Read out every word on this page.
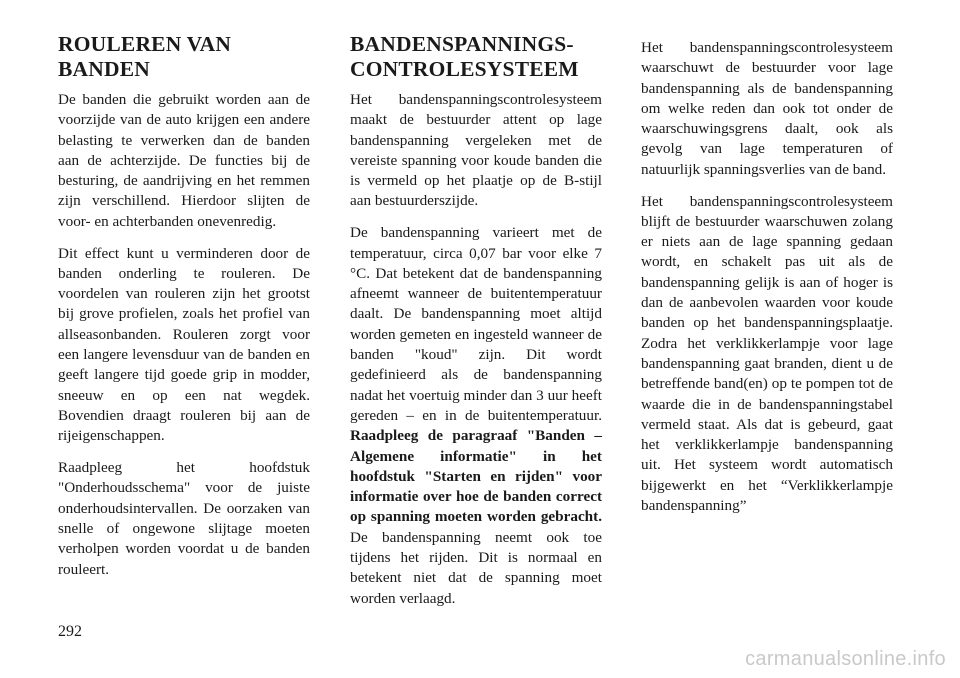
ROULEREN VAN
BANDEN

De banden die gebruikt worden aan de voorzijde van de auto krijgen een andere belasting te verwerken dan de banden aan de achterzijde. De functies bij de besturing, de aandrijving en het remmen zijn verschillend. Hierdoor slijten de voor- en achterbanden onevenredig.

Dit effect kunt u verminderen door de banden onderling te rouleren. De voordelen van rouleren zijn het grootst bij grove profielen, zoals het profiel van allseasonbanden. Rouleren zorgt voor een langere levensduur van de banden en geeft langere tijd goede grip in modder, sneeuw en op een nat wegdek. Bovendien draagt rouleren bij aan de rijeigenschappen.

Raadpleeg het hoofdstuk "Onderhoudsschema" voor de juiste onderhoudsintervallen. De oorzaken van snelle of ongewone slijtage moeten verholpen worden voordat u de banden rouleert.

BANDENSPANNINGS-
CONTROLESYSTEEM

Het bandenspanningscontrolesysteem maakt de bestuurder attent op lage bandenspanning vergeleken met de vereiste spanning voor koude banden die is vermeld op het plaatje op de B-stijl aan bestuurderszijde.

De bandenspanning varieert met de temperatuur, circa 0,07 bar voor elke 7 °C. Dat betekent dat de bandenspanning afneemt wanneer de buitentemperatuur daalt. De bandenspanning moet altijd worden gemeten en ingesteld wanneer de banden "koud" zijn. Dit wordt gedefinieerd als de bandenspanning nadat het voertuig minder dan 3 uur heeft gereden – en in de buitentemperatuur. Raadpleeg de paragraaf "Banden – Algemene informatie" in het hoofdstuk "Starten en rijden" voor informatie over hoe de banden correct op spanning moeten worden gebracht. De bandenspanning neemt ook toe tijdens het rijden. Dit is normaal en betekent niet dat de spanning moet worden verlaagd.

Het bandenspanningscontrolesysteem waarschuwt de bestuurder voor lage bandenspanning als de bandenspanning om welke reden dan ook tot onder de waarschuwingsgrens daalt, ook als gevolg van lage temperaturen of natuurlijk spanningsverlies van de band.

Het bandenspanningscontrolesysteem blijft de bestuurder waarschuwen zolang er niets aan de lage spanning gedaan wordt, en schakelt pas uit als de bandenspanning gelijk is aan of hoger is dan de aanbevolen waarden voor koude banden op het bandenspanningsplaatje. Zodra het verklikkerlampje voor lage bandenspanning gaat branden, dient u de betreffende band(en) op te pompen tot de waarde die in de bandenspanningstabel vermeld staat. Als dat is gebeurd, gaat het verklikkerlampje bandenspanning uit. Het systeem wordt automatisch bijgewerkt en het “Verklikkerlampje bandenspanning”

292
carmanualsonline.info
